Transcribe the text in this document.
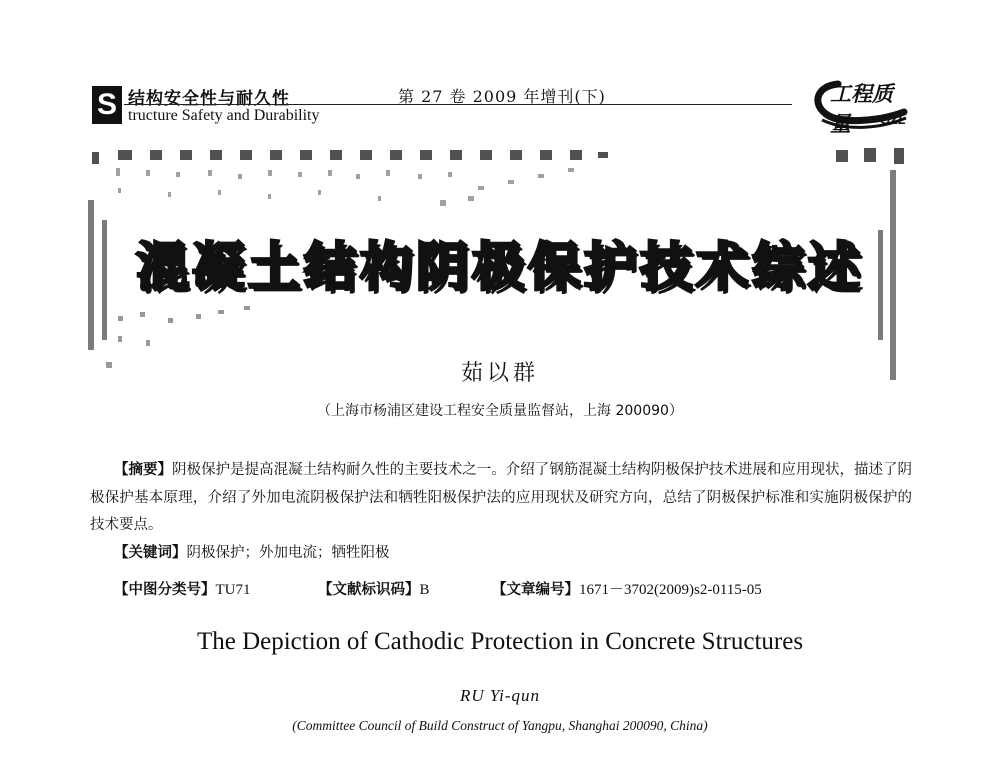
S 结构安全性与耐久性
tructure Safety and Durability
第 27 卷 2009 年增刊(下)
GZL
工程质量
混凝土结构阴极保护技术综述
茹以群
（上海市杨浦区建设工程安全质量监督站，上海 200090）
【摘要】阴极保护是提高混凝土结构耐久性的主要技术之一。介绍了钢筋混凝土结构阴极保护技术进展和应用现状，描述了阴极保护基本原理，介绍了外加电流阴极保护法和牺牲阳极保护法的应用现状及研究方向，总结了阴极保护标准和实施阴极保护的技术要点。
【关键词】阴极保护；外加电流；牺牲阳极
【中图分类号】TU71	【文献标识码】B	【文章编号】1671－3702(2009)s2-0115-05
The Depiction of Cathodic Protection in Concrete Structures
RU Yi-qun
(Committee Council of Build Construct of Yangpu, Shanghai 200090, China)
